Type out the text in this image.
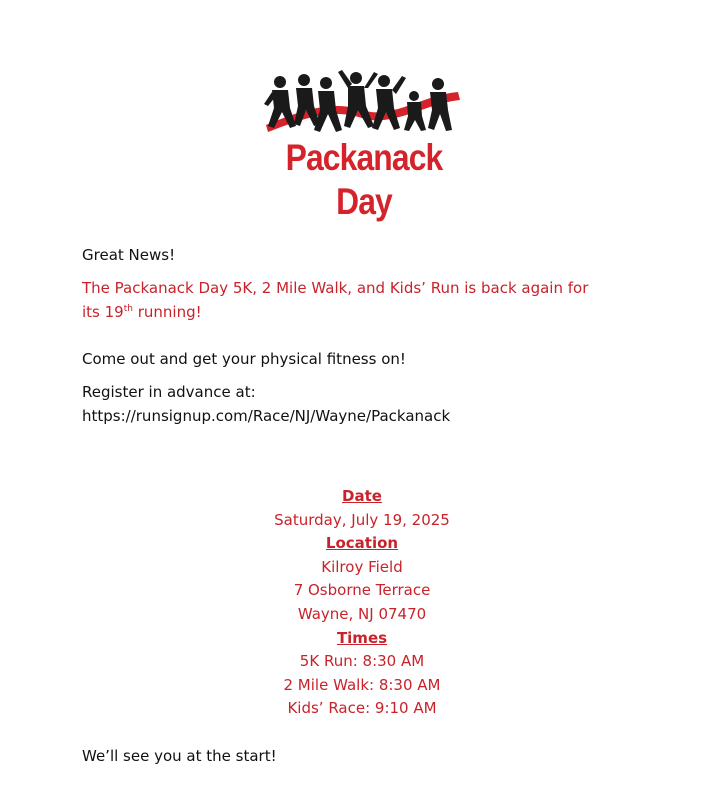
Packanack Day

Great News!

The Packanack Day 5K, 2 Mile Walk, and Kids’ Run is back again for

its 19th running!

Come out and get your physical fitness on!

Register in advance at:

https://runsignup.com/Race/NJ/Wayne/Packanack

Date
Saturday, July 19, 2025
Location
Kilroy Field
7 Osborne Terrace
Wayne, NJ 07470
Times
5K Run: 8:30 AM
2 Mile Walk: 8:30 AM
Kids’ Race: 9:10 AM

We’ll see you at the start!
